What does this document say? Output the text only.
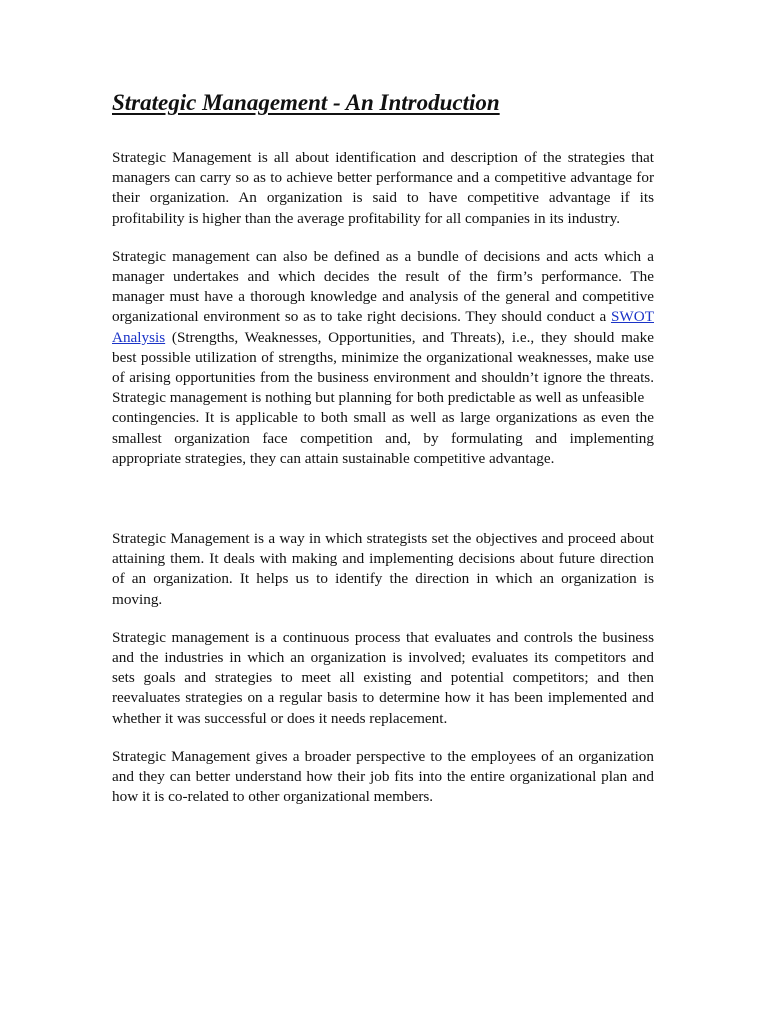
Strategic Management - An Introduction

Strategic Management is all about identification and description of the strategies that managers can carry so as to achieve better performance and a competitive advantage for their organization. An organization is said to have competitive advantage if its profitability is higher than the average profitability for all companies in its industry.

Strategic management can also be defined as a bundle of decisions and acts which a manager undertakes and which decides the result of the firm’s performance. The manager must have a thorough knowledge and analysis of the general and competitive organizational environment so as to take right decisions. They should conduct a SWOT Analysis (Strengths, Weaknesses, Opportunities, and Threats), i.e., they should make best possible utilization of strengths, minimize the organizational weaknesses, make use of arising opportunities from the business environment and shouldn’t ignore the threats. Strategic management is nothing but planning for both predictable as well as unfeasible

contingencies. It is applicable to both small as well as large organizations as even the smallest organization face competition and, by formulating and implementing appropriate strategies, they can attain sustainable competitive advantage.

Strategic Management is a way in which strategists set the objectives and proceed about attaining them. It deals with making and implementing decisions about future direction of an organization. It helps us to identify the direction in which an organization is moving.

Strategic management is a continuous process that evaluates and controls the business and the industries in which an organization is involved; evaluates its competitors and sets goals and strategies to meet all existing and potential competitors; and then reevaluates strategies on a regular basis to determine how it has been implemented and whether it was successful or does it needs replacement.

Strategic Management gives a broader perspective to the employees of an organization and they can better understand how their job fits into the entire organizational plan and how it is co-related to other organizational members.
